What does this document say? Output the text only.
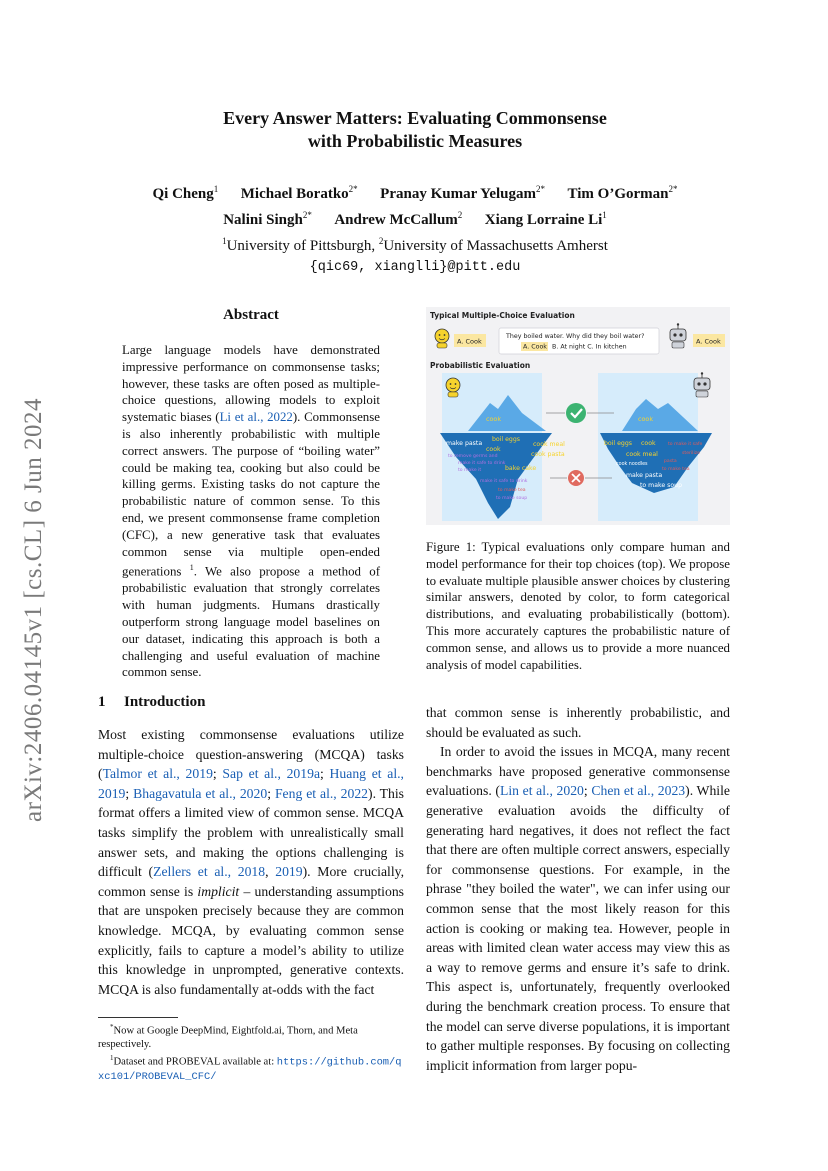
arXiv:2406.04145v1 [cs.CL] 6 Jun 2024
Every Answer Matters: Evaluating Commonsense
with Probabilistic Measures
Qi Cheng$^1$ Michael Boratko$^{2*}$ Pranay Kumar Yelugam$^{2*}$ Tim O’Gorman$^{2*}$
Nalini Singh$^{2*}$ Andrew McCallum$^2$ Xiang Lorraine Li$^1$
$^1$University of Pittsburgh, $^2$University of Massachusetts Amherst
{qic69, xianglli}@pitt.edu
Abstract
Large language models have demonstrated impressive performance on commonsense tasks; however, these tasks are often posed as multiple-choice questions, allowing models to exploit systematic biases (Li et al., 2022). Commonsense is also inherently probabilistic with multiple correct answers. The purpose of “boiling water” could be making tea, cooking but also could be killing germs. Existing tasks do not capture the probabilistic nature of common sense. To this end, we present commonsense frame completion (CFC), a new generative task that evaluates common sense via multiple open-ended generations $^1$. We also propose a method of probabilistic evaluation that strongly correlates with human judgments. Humans drastically outperform strong language model baselines on our dataset, indicating this approach is both a challenging and useful evaluation of machine common sense.
1 Introduction

Most existing commonsense evaluations utilize multiple-choice question-answering (MCQA) tasks (Talmor et al., 2019; Sap et al., 2019a; Huang et al., 2019; Bhagavatula et al., 2020; Feng et al., 2022). This format offers a limited view of common sense. MCQA tasks simplify the problem with unrealistically small answer sets, and making the options challenging is difficult (Zellers et al., 2018, 2019). More crucially, common sense is implicit – understanding assumptions that are unspoken precisely because they are common knowledge. MCQA, by evaluating common sense explicitly, fails to capture a model’s ability to utilize this knowledge in unprompted, generative contexts. MCQA is also fundamentally at-odds with the fact

*Now at Google DeepMind, Eightfold.ai, Thorn, and Meta respectively.

$^1$Dataset and PROBEVAL available at: https://github.com/qxc101/PROBEVAL_CFC/

Typical Multiple-Choice Evaluation
A. Cook
They boiled water. Why did they boil water?
A. Cook B. At night C. In kitchen
A. Cook
Probabilistic Evaluation
cook
boil eggs
make pasta
cook
cook meal
cook pasta
bake cake
to remove germs and
make it safe to drink
to make it
make it safe to drink
to make tea
to make soup
cook
boil eggs cook
cook meal
cook noodles
make pasta
to make soup
to make it safe
sterilize
pasta
to make tea
Figure 1: Typical evaluations only compare human and model performance for their top choices (top). We propose to evaluate multiple plausible answer choices by clustering similar answers, denoted by color, to form categorical distributions, and evaluating probabilistically (bottom). This more accurately captures the probabilistic nature of common sense, and allows us to provide a more nuanced analysis of model capabilities.

that common sense is inherently probabilistic, and should be evaluated as such.

In order to avoid the issues in MCQA, many recent benchmarks have proposed generative commonsense evaluations. (Lin et al., 2020; Chen et al., 2023). While generative evaluation avoids the difficulty of generating hard negatives, it does not reflect the fact that there are often multiple correct answers, especially for commonsense questions. For example, in the phrase "they boiled the water", we can infer using our common sense that the most likely reason for this action is cooking or making tea. However, people in areas with limited clean water access may view this as a way to remove germs and ensure it’s safe to drink. This aspect is, unfortunately, frequently overlooked during the benchmark creation process. To ensure that the model can serve diverse populations, it is important to gather multiple responses. By focusing on collecting implicit information from larger popu-
